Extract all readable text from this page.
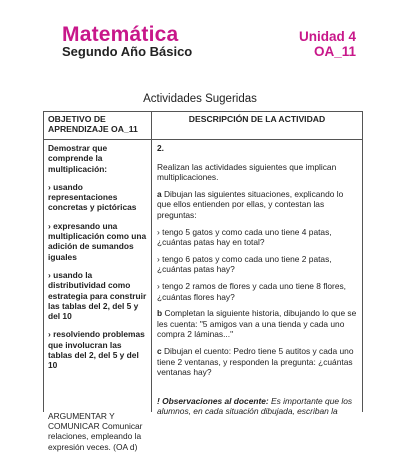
Matemática
Segundo Año Básico
Unidad 4
OA_11
Actividades Sugeridas
OBJETIVO DE APRENDIZAJE OA_11
DESCRIPCIÓN DE LA ACTIVIDAD
Demostrar que comprende la multiplicación:
› usando representaciones concretas y pictóricas
› expresando una multiplicación como una adición de sumandos iguales
› usando la distributividad como estrategia para construir las tablas del 2, del 5 y del 10
› resolviendo problemas que involucran las tablas del 2, del 5 y del 10
ARGUMENTAR Y COMUNICAR Comunicar relaciones, empleando la expresión veces. (OA d)
2.
Realizan las actividades siguientes que implican multiplicaciones.
a Dibujan las siguientes situaciones, explicando lo que ellos entienden por ellas, y contestan las preguntas:
› tengo 5 gatos y como cada uno tiene 4 patas, ¿cuántas patas hay en total?
› tengo 6 patos y como cada uno tiene 2 patas, ¿cuántas patas hay?
› tengo 2 ramos de flores y cada uno tiene 8 flores, ¿cuántas flores hay?
b Completan la siguiente historia, dibujando lo que se les cuenta: "5 amigos van a una tienda y cada uno compra 2 láminas..."
c Dibujan el cuento: Pedro tiene 5 autitos y cada uno tiene 2 ventanas, y responden la pregunta: ¿cuántas ventanas hay?
! Observaciones al docente: Es importante que los alumnos, en cada situación dibujada, escriban la
